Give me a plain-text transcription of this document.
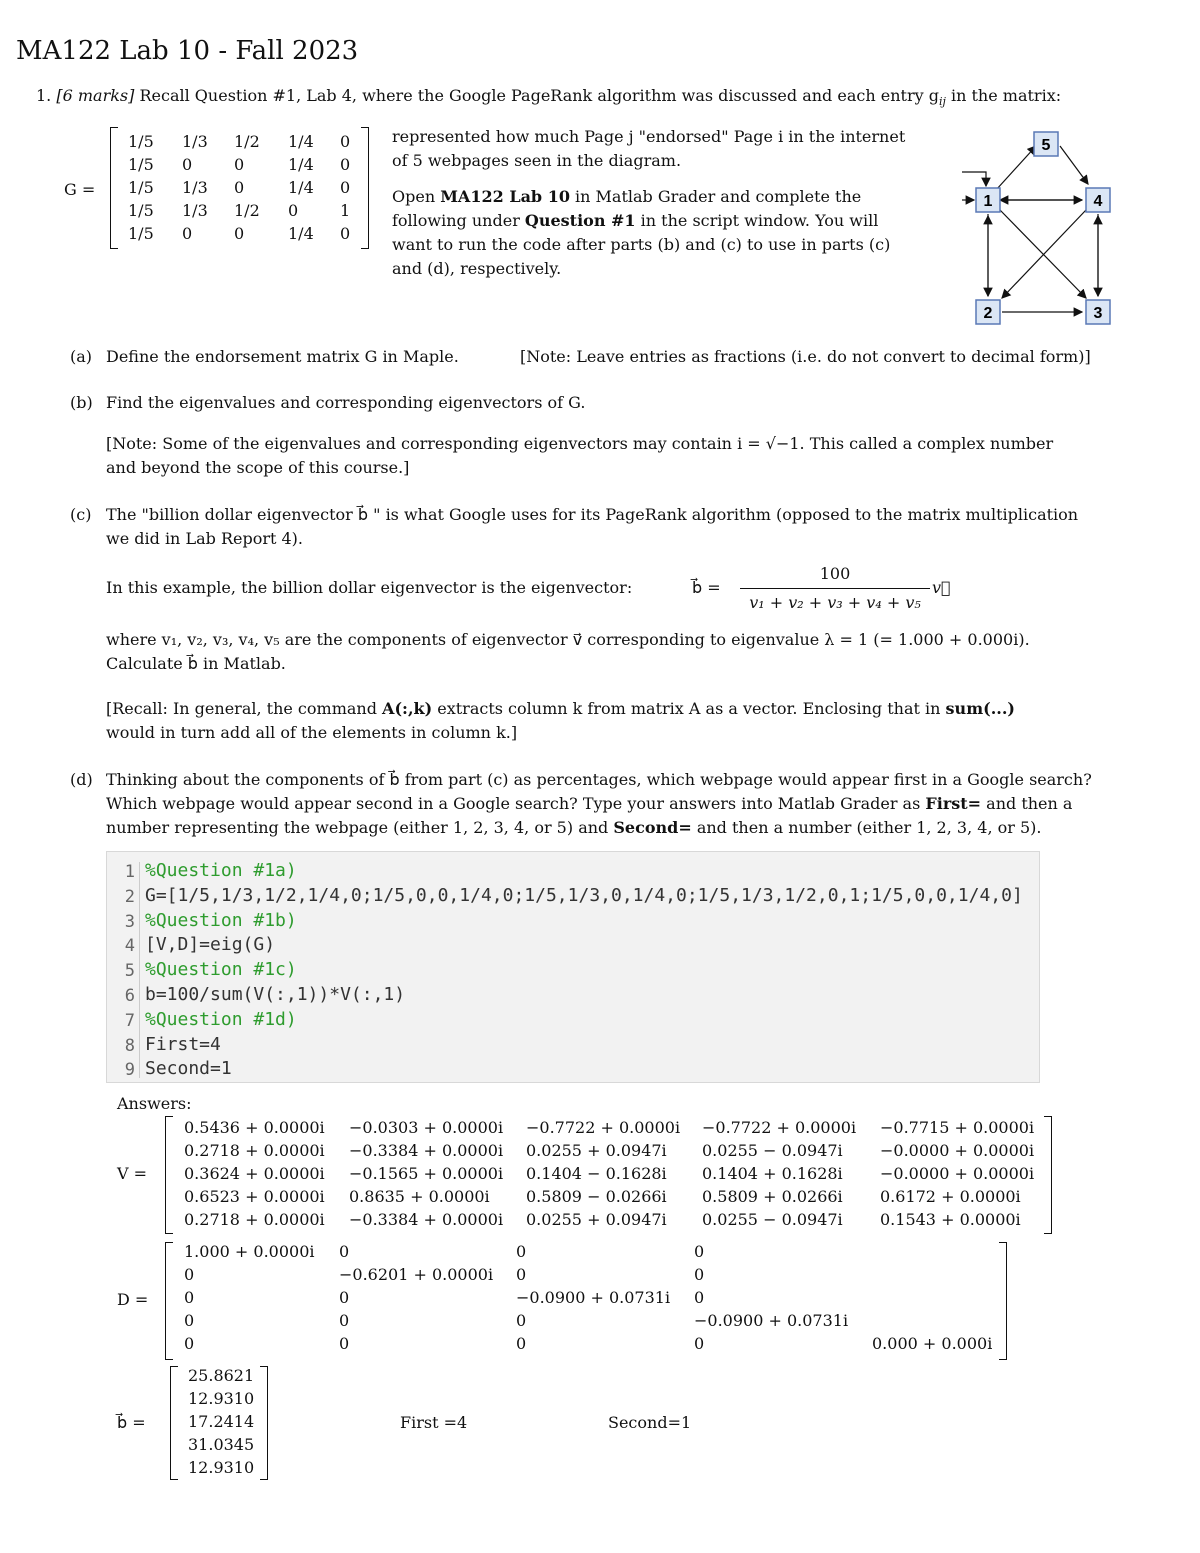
MA122 Lab 10 - Fall 2023
1. [6 marks] Recall Question #1, Lab 4, where the Google PageRank algorithm was discussed and each entry $g_{ij}$ in the matrix:
G =
1/5 1/3 1/2 1/4 0
1/5 0	0	1/4 0
1/5 1/3 0	1/4 0
1/5 1/3 1/2 0	1
1/5 0	0	1/4 0
represented how much Page j "endorsed" Page i in the internet
of 5 webpages seen in the diagram.
Open MA122 Lab 10 in Matlab Grader and complete the
following under Question #1 in the script window. You will
want to run the code after parts (b) and (c) to use in parts (c)
and (d), respectively.
5
1	4
2	3
(a) Define the endorsement matrix G in Maple.	[Note: Leave entries as fractions (i.e. do not convert to decimal form)]
(b) Find the eigenvalues and corresponding eigenvectors of G.
[Note: Some of the eigenvalues and corresponding eigenvectors may contain i = √−1. This called a complex number
and beyond the scope of this course.]
(c) The "billion dollar eigenvector b⃗ " is what Google uses for its PageRank algorithm (opposed to the matrix multiplication
we did in Lab Report 4).
In this example, the billion dollar eigenvector is the eigenvector:	b⃗ =
100
v₁ + v₂ + v₃ + v₄ + v₅
v⃗
where v₁, v₂, v₃, v₄, v₅ are the components of eigenvector v⃗ corresponding to eigenvalue λ = 1 (= 1.000 + 0.000i).
Calculate b⃗ in Matlab.
[Recall: In general, the command A(:,k) extracts column k from matrix A as a vector. Enclosing that in sum(...)
would in turn add all of the elements in column k.]
(d) Thinking about the components of b⃗ from part (c) as percentages, which webpage would appear first in a Google search?
Which webpage would appear second in a Google search? Type your answers into Matlab Grader as First= and then a
number representing the webpage (either 1, 2, 3, 4, or 5) and Second= and then a number (either 1, 2, 3, 4, or 5).
1 %Question #1a)
2 G=[1/5,1/3,1/2,1/4,0;1/5,0,0,1/4,0;1/5,1/3,0,1/4,0;1/5,1/3,1/2,0,1;1/5,0,0,1/4,0]
3 %Question #1b)
4 [V,D]=eig(G)
5 %Question #1c)
6 b=100/sum(V(:,1))*V(:,1)
7 %Question #1d)
8 First=4
9 Second=1
Answers:
V =
0.5436 + 0.0000i −0.0303 + 0.0000i −0.7722 + 0.0000i −0.7722 + 0.0000i −0.7715 + 0.0000i
0.2718 + 0.0000i −0.3384 + 0.0000i 0.0255 + 0.0947i 0.0255 − 0.0947i −0.0000 + 0.0000i
0.3624 + 0.0000i −0.1565 + 0.0000i 0.1404 − 0.1628i 0.1404 + 0.1628i −0.0000 + 0.0000i
0.6523 + 0.0000i 0.8635 + 0.0000i 0.5809 − 0.0266i 0.5809 + 0.0266i 0.6172 + 0.0000i
0.2718 + 0.0000i −0.3384 + 0.0000i 0.0255 + 0.0947i 0.0255 − 0.0947i 0.1543 + 0.0000i
D =
1.000 + 0.0000i 0	0	0
0	−0.6201 + 0.0000i 0	0
0	0	−0.0900 + 0.0731i 0
0	0	0	−0.0900 + 0.0731i
0	0	0	0	0.000 + 0.000i
b⃗ =
25.8621
12.9310
17.2414
31.0345
12.9310
First =4	Second=1
